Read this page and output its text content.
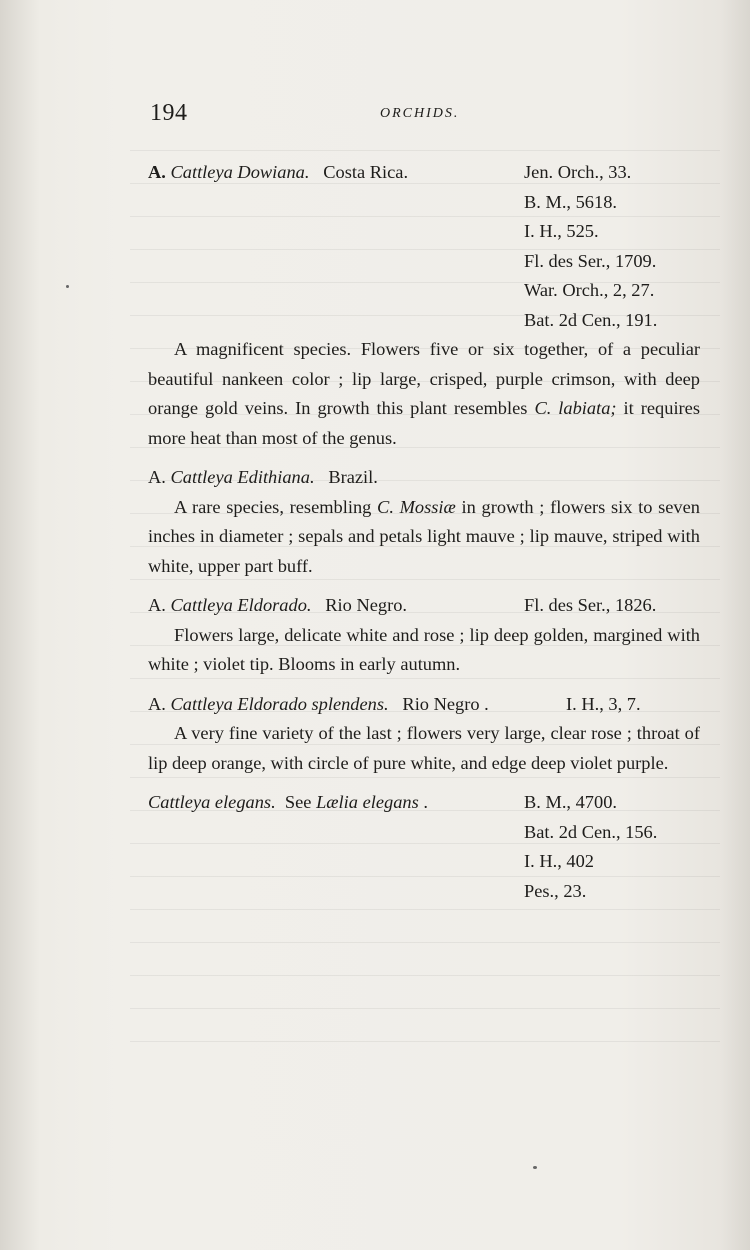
194	ORCHIDS.
A. Cattleya Dowiana. Costa Rica.	Jen. Orch., 33.
B. M., 5618.
I. H., 525.
Fl. des Ser., 1709.
War. Orch., 2, 27.
Bat. 2d Cen., 191.

A magnificent species. Flowers five or six together, of a peculiar beautiful nankeen color ; lip large, crisped, purple crimson, with deep orange gold veins. In growth this plant resembles C. labiata; it requires more heat than most of the genus.

A. Cattleya Edithiana. Brazil.

A rare species, resembling C. Mossiæ in growth ; flowers six to seven inches in diameter ; sepals and petals light mauve ; lip mauve, striped with white, upper part buff.

A. Cattleya Eldorado. Rio Negro.	Fl. des Ser., 1826.

Flowers large, delicate white and rose ; lip deep golden, margined with white ; violet tip. Blooms in early autumn.

A. Cattleya Eldorado splendens. Rio Negro .	I. H., 3, 7.

A very fine variety of the last ; flowers very large, clear rose ; throat of lip deep orange, with circle of pure white, and edge deep violet purple.

Cattleya elegans. See Lælia elegans .	B. M., 4700.
Bat. 2d Cen., 156.
I. H., 402
Pes., 23.
